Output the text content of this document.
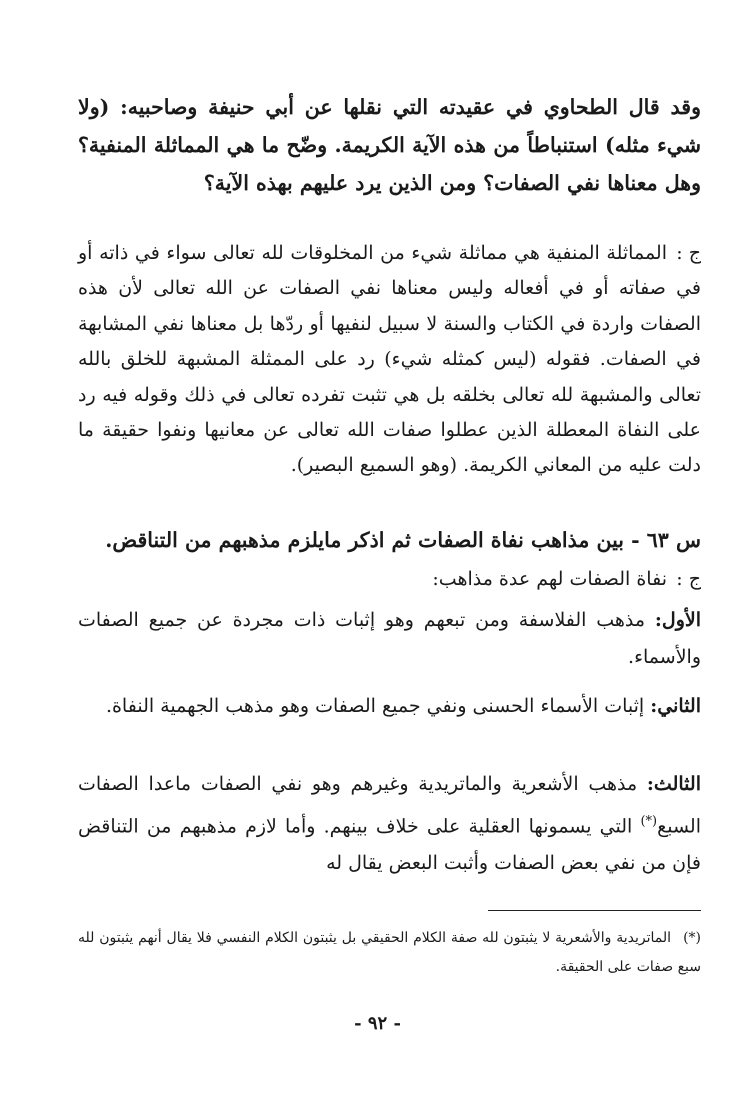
وقد قال الطحاوي في عقيدته التي نقلها عن أبي حنيفة وصاحبيه: (ولا شيء مثله) استنباطاً من هذه الآية الكريمة. وضّح ما هي المماثلة المنفية؟ وهل معناها نفي الصفات؟ ومن الذين يرد عليهم بهذه الآية؟
ج :المماثلة المنفية هي مماثلة شيء من المخلوقات لله تعالى سواء في ذاته أو في صفاته أو في أفعاله وليس معناها نفي الصفات عن الله تعالى لأن هذه الصفات واردة في الكتاب والسنة لا سبيل لنفيها أو ردّها بل معناها نفي المشابهة في الصفات. فقوله (ليس كمثله شيء) رد على الممثلة المشبهة للخلق بالله تعالى والمشبهة لله تعالى بخلقه بل هي تثبت تفرده تعالى في ذلك وقوله فيه رد على النفاة المعطلة الذين عطلوا صفات الله تعالى عن معانيها ونفوا حقيقة ما دلت عليه من المعاني الكريمة. (وهو السميع البصير).
س ٦٣ - بين مذاهب نفاة الصفات ثم اذكر مايلزم مذهبهم من التناقض.
ج :نفاة الصفات لهم عدة مذاهب:
الأول: مذهب الفلاسفة ومن تبعهم وهو إثبات ذات مجردة عن جميع الصفات والأسماء.
الثاني: إثبات الأسماء الحسنى ونفي جميع الصفات وهو مذهب الجهمية النفاة.
الثالث: مذهب الأشعرية والماتريدية وغيرهم وهو نفي الصفات ماعدا الصفات السبع(*) التي يسمونها العقلية على خلاف بينهم. وأما لازم مذهبهم من التناقض فإن من نفي بعض الصفات وأثبت البعض يقال له
(*)الماتريدية والأشعرية لا يثبتون لله صفة الكلام الحقيقي بل يثبتون الكلام النفسي فلا يقال أنهم يثبتون لله سبع صفات على الحقيقة.
- ٩٢ -
